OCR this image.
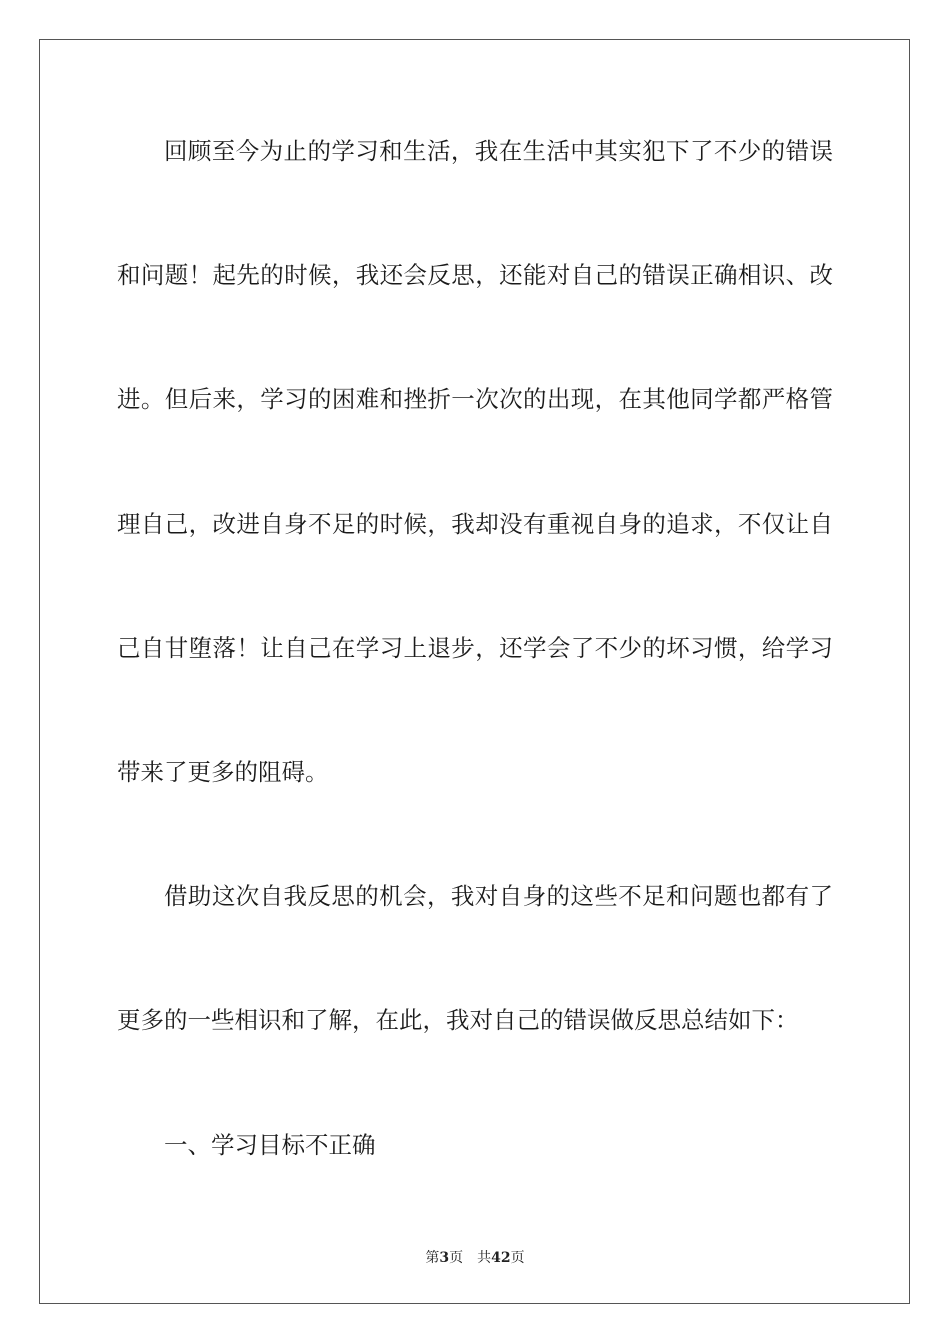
回顾至今为止的学习和生活，我在生活中其实犯下了不少的错误
和问题！起先的时候，我还会反思，还能对自己的错误正确相识、改
进。但后来，学习的困难和挫折一次次的出现，在其他同学都严格管
理自己，改进自身不足的时候，我却没有重视自身的追求，不仅让自
己自甘堕落！让自己在学习上退步，还学会了不少的坏习惯，给学习
带来了更多的阻碍。
借助这次自我反思的机会，我对自身的这些不足和问题也都有了
更多的一些相识和了解，在此，我对自己的错误做反思总结如下：
一、学习目标不正确
第3页 共42页
